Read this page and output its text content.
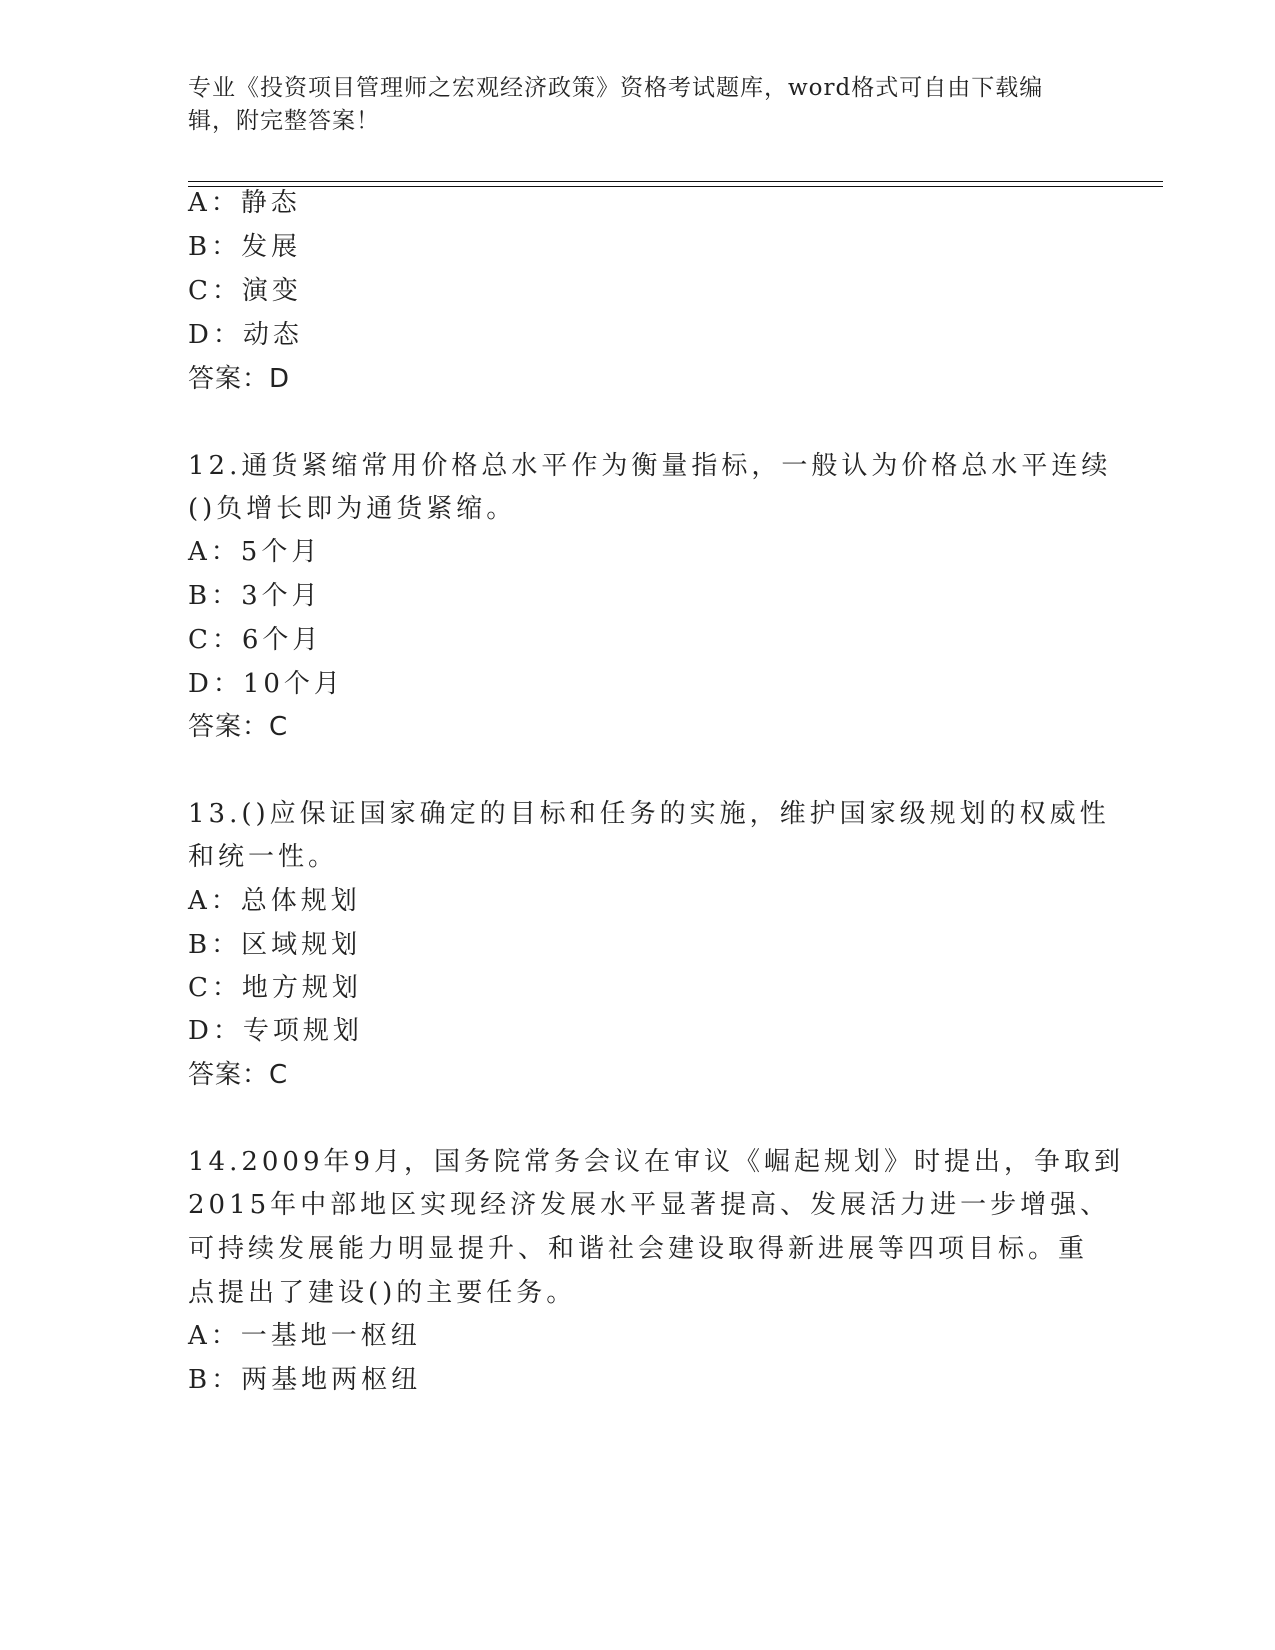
专业《投资项目管理师之宏观经济政策》资格考试题库，word格式可自由下载编辑，附完整答案！
A：静态
B：发展
C：演变
D：动态
答案：D
12.通货紧缩常用价格总水平作为衡量指标，一般认为价格总水平连续
()负增长即为通货紧缩。
A：5个月
B：3个月
C：6个月
D：10个月
答案：C
13.()应保证国家确定的目标和任务的实施，维护国家级规划的权威性
和统一性。
A：总体规划
B：区域规划
C：地方规划
D：专项规划
答案：C
14.2009年9月，国务院常务会议在审议《崛起规划》时提出，争取到
2015年中部地区实现经济发展水平显著提高、发展活力进一步增强、
可持续发展能力明显提升、和谐社会建设取得新进展等四项目标。重
点提出了建设()的主要任务。
A：一基地一枢纽
B：两基地两枢纽
